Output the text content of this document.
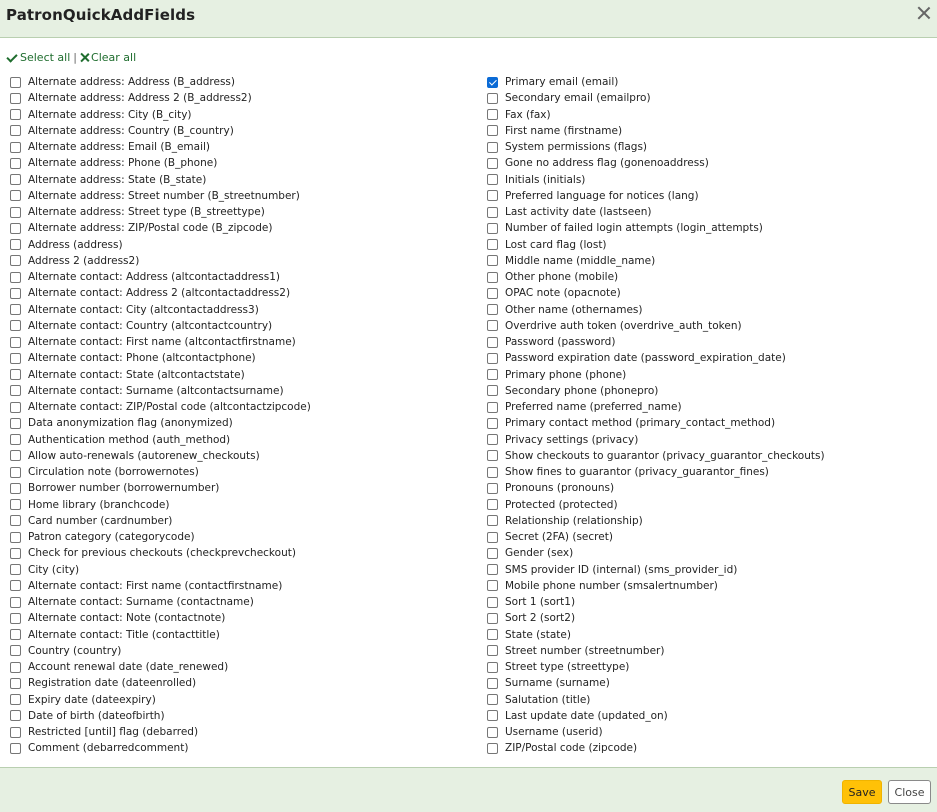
PatronQuickAddFields
Select all | Clear all
Alternate address: Address (B_address)
Alternate address: Address 2 (B_address2)
Alternate address: City (B_city)
Alternate address: Country (B_country)
Alternate address: Email (B_email)
Alternate address: Phone (B_phone)
Alternate address: State (B_state)
Alternate address: Street number (B_streetnumber)
Alternate address: Street type (B_streettype)
Alternate address: ZIP/Postal code (B_zipcode)
Address (address)
Address 2 (address2)
Alternate contact: Address (altcontactaddress1)
Alternate contact: Address 2 (altcontactaddress2)
Alternate contact: City (altcontactaddress3)
Alternate contact: Country (altcontactcountry)
Alternate contact: First name (altcontactfirstname)
Alternate contact: Phone (altcontactphone)
Alternate contact: State (altcontactstate)
Alternate contact: Surname (altcontactsurname)
Alternate contact: ZIP/Postal code (altcontactzipcode)
Data anonymization flag (anonymized)
Authentication method (auth_method)
Allow auto-renewals (autorenew_checkouts)
Circulation note (borrowernotes)
Borrower number (borrowernumber)
Home library (branchcode)
Card number (cardnumber)
Patron category (categorycode)
Check for previous checkouts (checkprevcheckout)
City (city)
Alternate contact: First name (contactfirstname)
Alternate contact: Surname (contactname)
Alternate contact: Note (contactnote)
Alternate contact: Title (contacttitle)
Country (country)
Account renewal date (date_renewed)
Registration date (dateenrolled)
Expiry date (dateexpiry)
Date of birth (dateofbirth)
Restricted [until] flag (debarred)
Comment (debarredcomment)
Primary email (email)
Secondary email (emailpro)
Fax (fax)
First name (firstname)
System permissions (flags)
Gone no address flag (gonenoaddress)
Initials (initials)
Preferred language for notices (lang)
Last activity date (lastseen)
Number of failed login attempts (login_attempts)
Lost card flag (lost)
Middle name (middle_name)
Other phone (mobile)
OPAC note (opacnote)
Other name (othernames)
Overdrive auth token (overdrive_auth_token)
Password (password)
Password expiration date (password_expiration_date)
Primary phone (phone)
Secondary phone (phonepro)
Preferred name (preferred_name)
Primary contact method (primary_contact_method)
Privacy settings (privacy)
Show checkouts to guarantor (privacy_guarantor_checkouts)
Show fines to guarantor (privacy_guarantor_fines)
Pronouns (pronouns)
Protected (protected)
Relationship (relationship)
Secret (2FA) (secret)
Gender (sex)
SMS provider ID (internal) (sms_provider_id)
Mobile phone number (smsalertnumber)
Sort 1 (sort1)
Sort 2 (sort2)
State (state)
Street number (streetnumber)
Street type (streettype)
Surname (surname)
Salutation (title)
Last update date (updated_on)
Username (userid)
ZIP/Postal code (zipcode)
Save	Close
